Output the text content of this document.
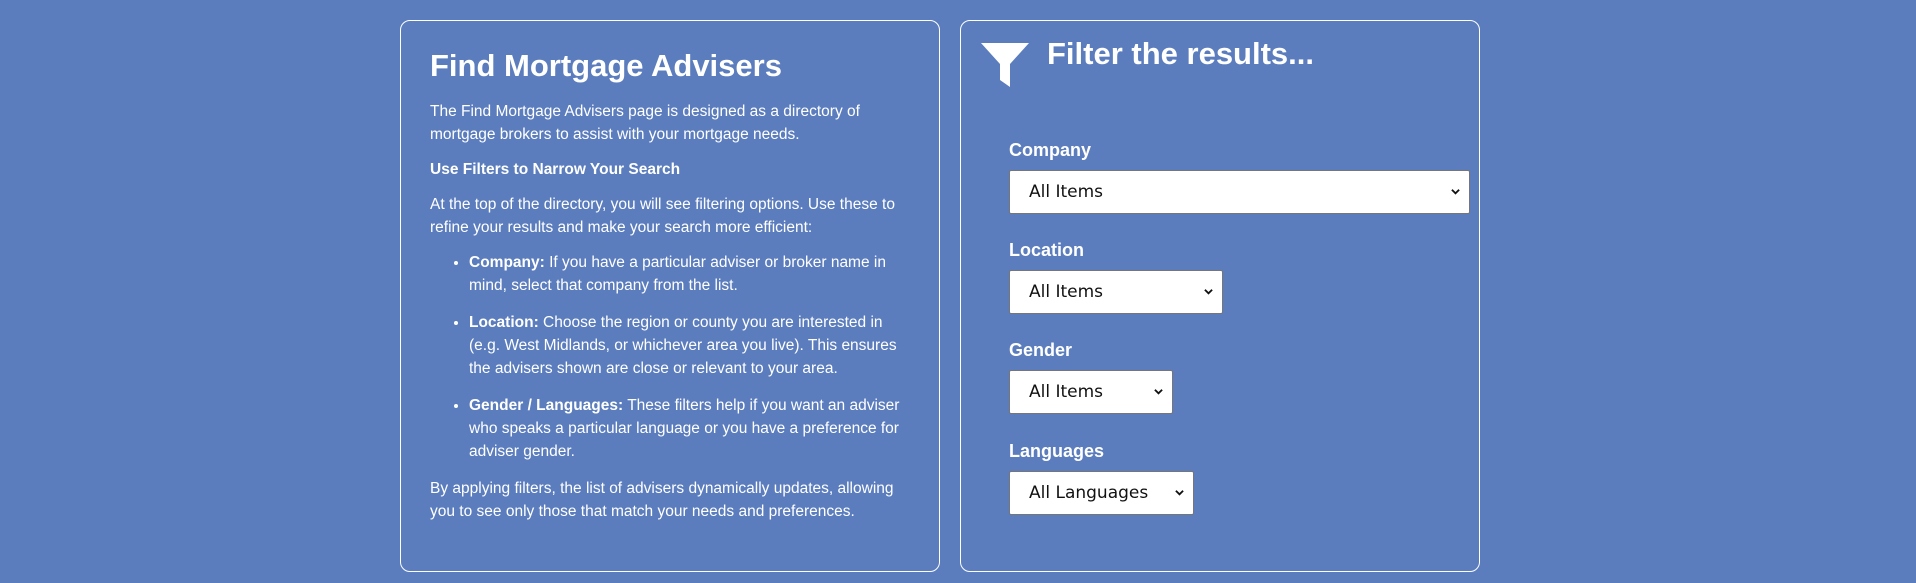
Find Mortgage Advisers

The Find Mortgage Advisers page is designed as a directory of mortgage brokers to assist with your mortgage needs.

Use Filters to Narrow Your Search

At the top of the directory, you will see filtering options. Use these to refine your results and make your search more efficient:

• Company: If you have a particular adviser or broker name in mind, select that company from the list.
• Location: Choose the region or county you are interested in (e.g. West Midlands, or whichever area you live). This ensures the advisers shown are close or relevant to your area.
• Gender / Languages: These filters help if you want an adviser who speaks a particular language or you have a preference for adviser gender.

By applying filters, the list of advisers dynamically updates, allowing you to see only those that match your needs and preferences.

Filter the results...
Company
All Items
Location
All Items
Gender
All Items
Languages
All Languages
